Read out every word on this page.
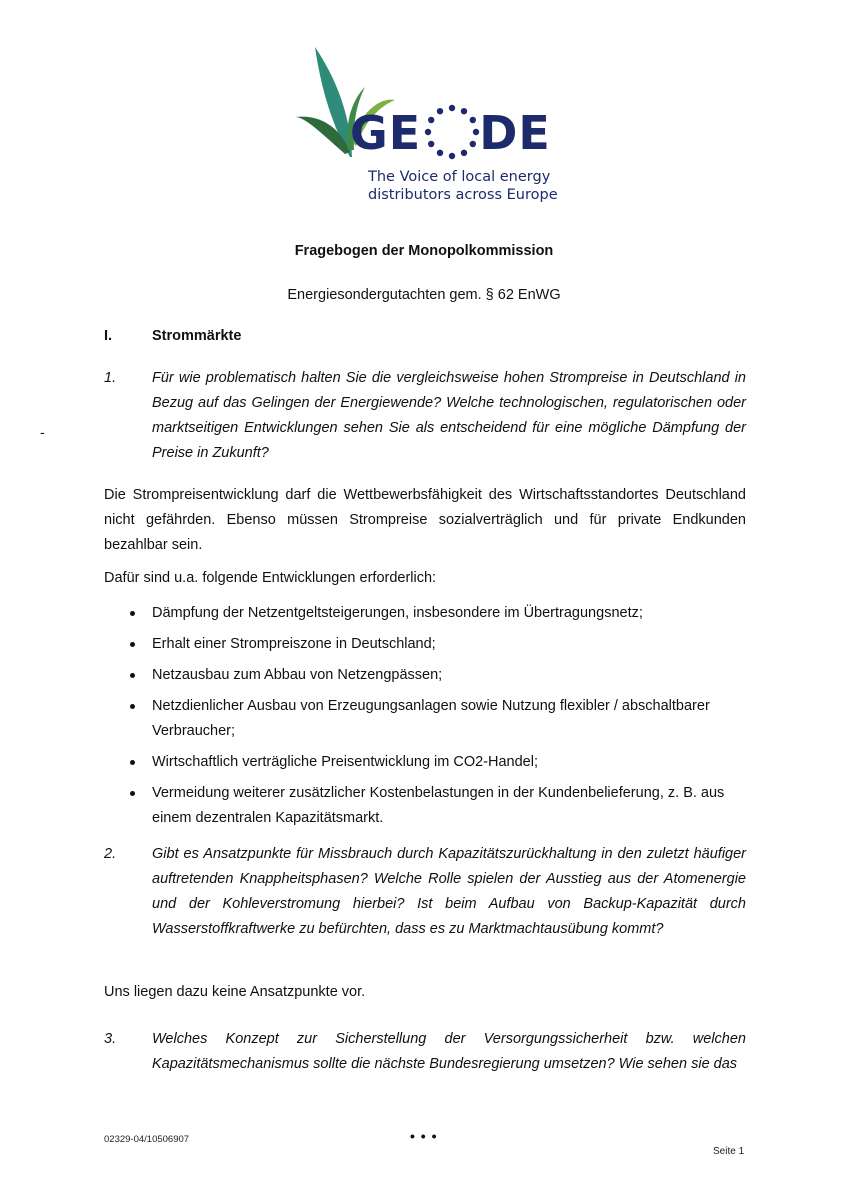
GE DE
The Voice of local energy
distributors across Europe
Fragebogen der Monopolkommission
Energiesondergutachten gem. § 62 EnWG
I.	Strommärkte
-
1. Für wie problematisch halten Sie die vergleichsweise hohen Strompreise in Deutschland in Bezug auf das Gelingen der Energiewende? Welche technologischen, regulatorischen oder marktseitigen Entwicklungen sehen Sie als entscheidend für eine mögliche Dämpfung der Preise in Zukunft?
Die Strompreisentwicklung darf die Wettbewerbsfähigkeit des Wirtschaftsstandortes Deutschland nicht gefährden. Ebenso müssen Strompreise sozialverträglich und für private Endkunden bezahlbar sein.
Dafür sind u.a. folgende Entwicklungen erforderlich:
Dämpfung der Netzentgeltsteigerungen, insbesondere im Übertragungsnetz;
Erhalt einer Strompreiszone in Deutschland;
Netzausbau zum Abbau von Netzengpässen;
Netzdienlicher Ausbau von Erzeugungsanlagen sowie Nutzung flexibler / abschaltbarer Verbraucher;
Wirtschaftlich verträgliche Preisentwicklung im CO2-Handel;
Vermeidung weiterer zusätzlicher Kostenbelastungen in der Kundenbelieferung, z. B. aus einem dezentralen Kapazitätsmarkt.
2. Gibt es Ansatzpunkte für Missbrauch durch Kapazitätszurückhaltung in den zuletzt häufiger auftretenden Knappheitsphasen? Welche Rolle spielen der Ausstieg aus der Atomenergie und der Kohleverstromung hierbei? Ist beim Aufbau von Backup-Kapazität durch Wasserstoffkraftwerke zu befürchten, dass es zu Marktmachtausübung kommt?
Uns liegen dazu keine Ansatzpunkte vor.
3. Welches Konzept zur Sicherstellung der Versorgungssicherheit bzw. welchen Kapazitätsmechanismus sollte die nächste Bundesregierung umsetzen? Wie sehen sie das
02329-04/10506907	• • •
Seite 1
